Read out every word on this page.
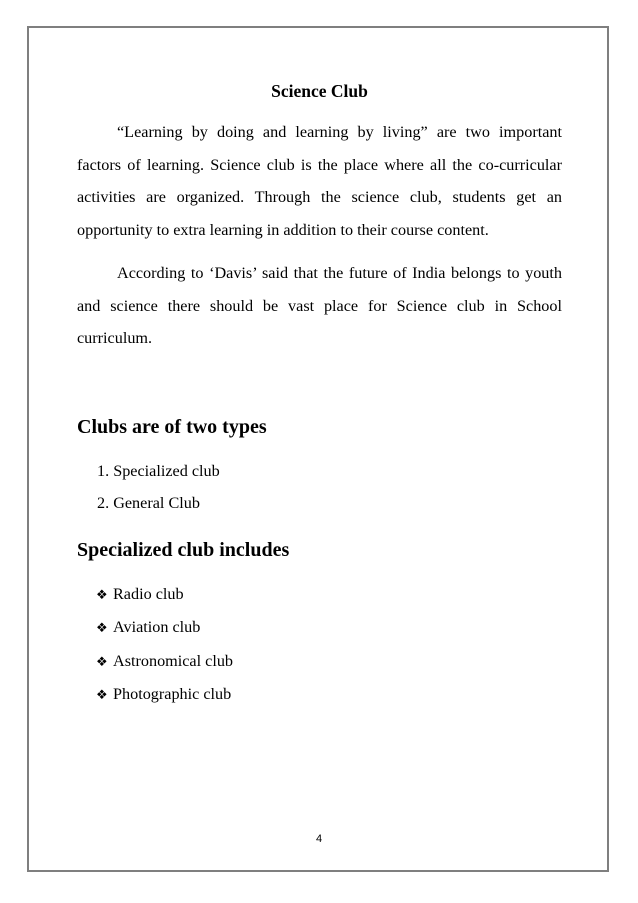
Science Club

“Learning by doing and learning by living” are two important factors of learning. Science club is the place where all the co-curricular activities are organized. Through the science club, students get an opportunity to extra learning in addition to their course content.

According to ‘Davis’ said that the future of India belongs to youth and science there should be vast place for Science club in School curriculum.

Clubs are of two types
1. Specialized club
2. General Club
Specialized club includes
❖ Radio club
❖ Aviation club
❖ Astronomical club
❖ Photographic club
4
